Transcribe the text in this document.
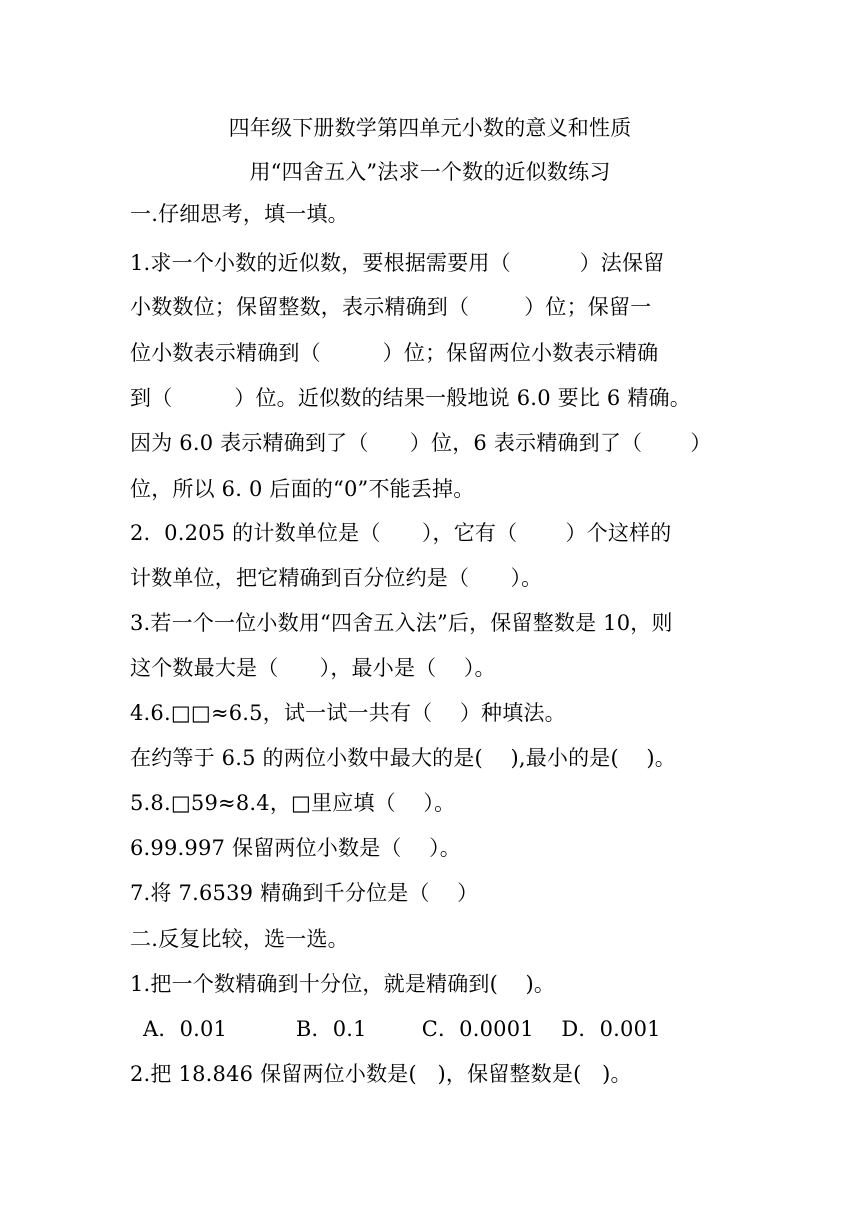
四年级下册数学第四单元小数的意义和性质
用“四舍五入”法求一个数的近似数练习
一.仔细思考，填一填。
1.求一个小数的近似数，要根据需要用（          ）法保留
小数数位；保留整数，表示精确到（        ）位；保留一
位小数表示精确到（         ）位；保留两位小数表示精确
到（         ）位。近似数的结果一般地说 6.0 要比 6 精确。
因为 6.0 表示精确到了（      ）位，6 表示精确到了（       ）
位，所以 6. 0 后面的“0”不能丢掉。
2.  0.205 的计数单位是（      ），它有（       ）个这样的
计数单位，把它精确到百分位约是（      ）。
3.若一个一位小数用“四舍五入法”后，保留整数是 10，则
这个数最大是（      ），最小是（    ）。
4.6.□□≈6.5，试一试一共有（    ）种填法。
在约等于 6.5 的两位小数中最大的是(    ),最小的是(    )。
5.8.□59≈8.4，□里应填（    ）。
6.99.997 保留两位小数是（    ）。
7.将 7.6539 精确到千分位是（    ）
二.反复比较，选一选。
1.把一个数精确到十分位，就是精确到(    )。
A．0.01          B．0.1        C．0.0001    D．0.001
2.把 18.846 保留两位小数是(   )，保留整数是(   )。
